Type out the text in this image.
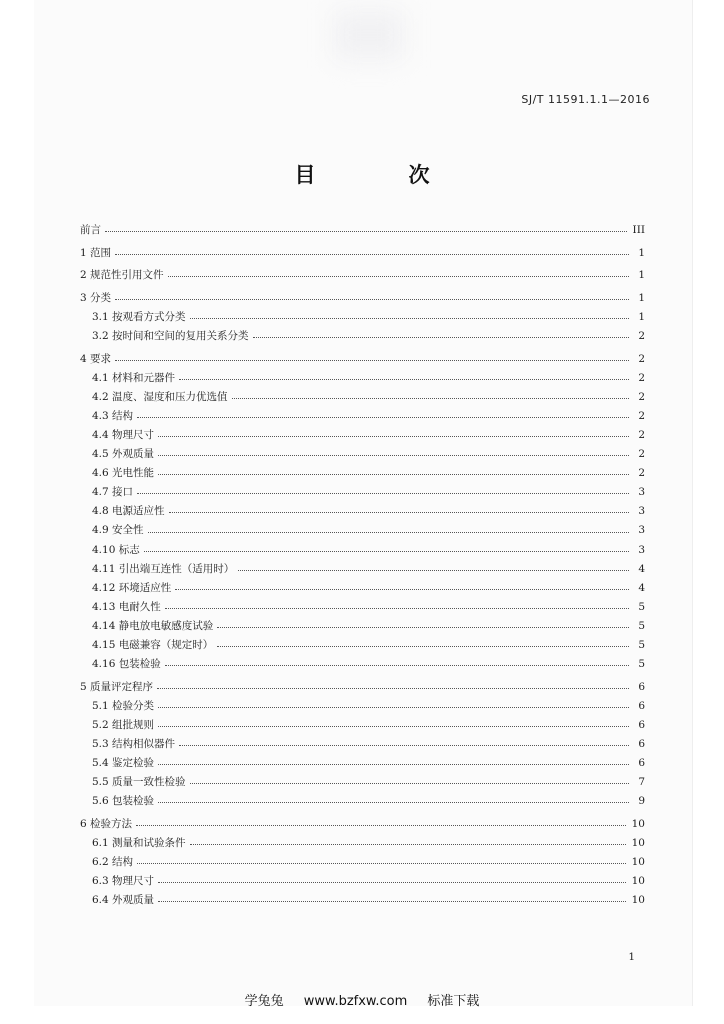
SJ/T 11591.1.1—2016
目　次
前言	III
1 范围	1
2 规范性引用文件	1
3 分类	1
3.1 按观看方式分类	1
3.2 按时间和空间的复用关系分类	2
4 要求	2
4.1 材料和元器件	2
4.2 温度、湿度和压力优选值	2
4.3 结构	2
4.4 物理尺寸	2
4.5 外观质量	2
4.6 光电性能	2
4.7 接口	3
4.8 电源适应性	3
4.9 安全性	3
4.10 标志	3
4.11 引出端互连性（适用时）	4
4.12 环境适应性	4
4.13 电耐久性	5
4.14 静电放电敏感度试验	5
4.15 电磁兼容（规定时）	5
4.16 包装检验	5
5 质量评定程序	6
5.1 检验分类	6
5.2 组批规则	6
5.3 结构相似器件	6
5.4 鉴定检验	6
5.5 质量一致性检验	7
5.6 包装检验	9
6 检验方法	10
6.1 测量和试验条件	10
6.2 结构	10
6.3 物理尺寸	10
6.4 外观质量	10
1
学兔兔 www.bzfxw.com 标准下载
